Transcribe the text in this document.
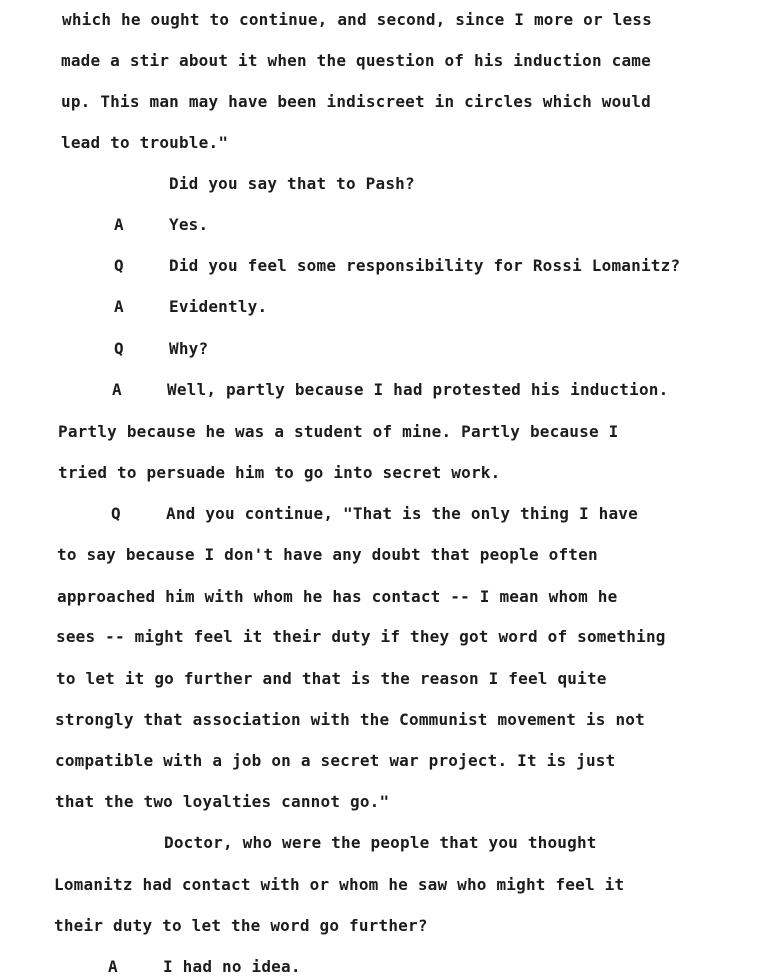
which he ought to continue, and second, since I more or less
made a stir about it when the question of his induction came
up. This man may have been indiscreet in circles which would
lead to trouble."
Did you say that to Pash?
A	Yes.
Q	Did you feel some responsibility for Rossi Lomanitz?
A	Evidently.
Q	Why?
A	Well, partly because I had protested his induction.
Partly because he was a student of mine. Partly because I
tried to persuade him to go into secret work.
Q	And you continue, "That is the only thing I have
to say because I don't have any doubt that people often
approached him with whom he has contact -- I mean whom he
sees -- might feel it their duty if they got word of something
to let it go further and that is the reason I feel quite
strongly that association with the Communist movement is not
compatible with a job on a secret war project. It is just
that the two loyalties cannot go."
Doctor, who were the people that you thought
Lomanitz had contact with or whom he saw who might feel it
their duty to let the word go further?
A	I had no idea.
